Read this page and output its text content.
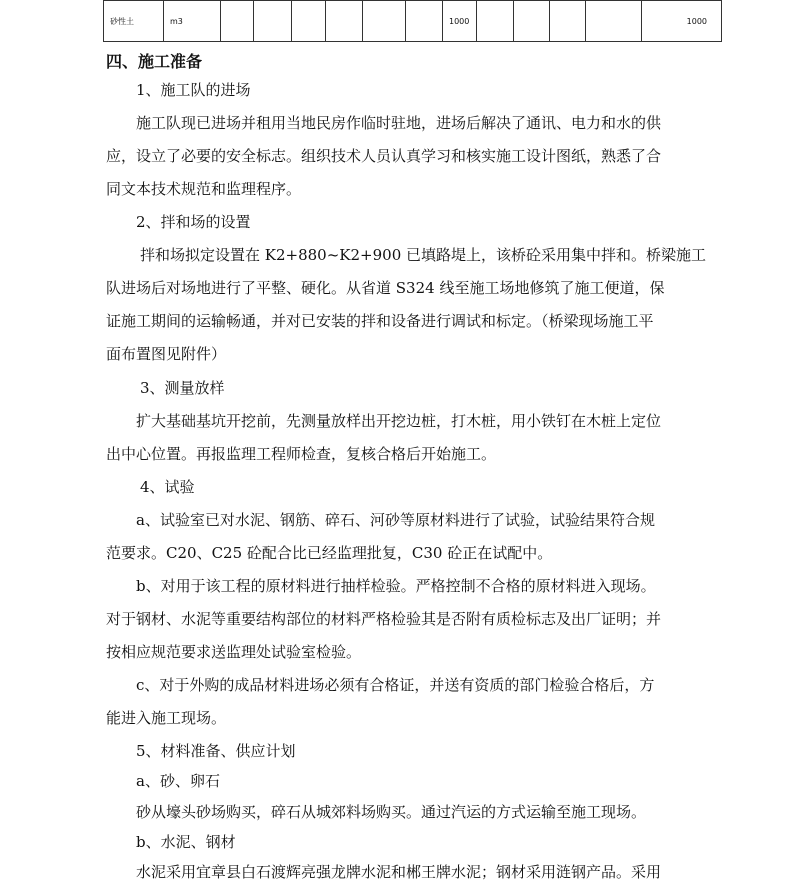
砂性土	m3							1000					1000
四、施工准备
1、施工队的进场
施工队现已进场并租用当地民房作临时驻地，进场后解决了通讯、电力和水的供
应，设立了必要的安全标志。组织技术人员认真学习和核实施工设计图纸，熟悉了合
同文本技术规范和监理程序。
2、拌和场的设置
拌和场拟定设置在 K2+880~K2+900 已填路堤上，该桥砼采用集中拌和。桥梁施工
队进场后对场地进行了平整、硬化。从省道 S324 线至施工场地修筑了施工便道，保
证施工期间的运输畅通，并对已安装的拌和设备进行调试和标定。（桥梁现场施工平
面布置图见附件）
3、测量放样
扩大基础基坑开挖前，先测量放样出开挖边桩，打木桩，用小铁钉在木桩上定位
出中心位置。再报监理工程师检查，复核合格后开始施工。
4、试验
a、试验室已对水泥、钢筋、碎石、河砂等原材料进行了试验，试验结果符合规
范要求。C20、C25 砼配合比已经监理批复，C30 砼正在试配中。
b、对用于该工程的原材料进行抽样检验。严格控制不合格的原材料进入现场。
对于钢材、水泥等重要结构部位的材料严格检验其是否附有质检标志及出厂证明；并
按相应规范要求送监理处试验室检验。
c、对于外购的成品材料进场必须有合格证，并送有资质的部门检验合格后，方
能进入施工现场。
5、材料准备、供应计划
a、砂、卵石
砂从壕头砂场购买，碎石从城郊料场购买。通过汽运的方式运输至施工现场。
b、水泥、钢材
水泥采用宜章县白石渡辉亮强龙牌水泥和郴王牌水泥；钢材采用涟钢产品。采用
